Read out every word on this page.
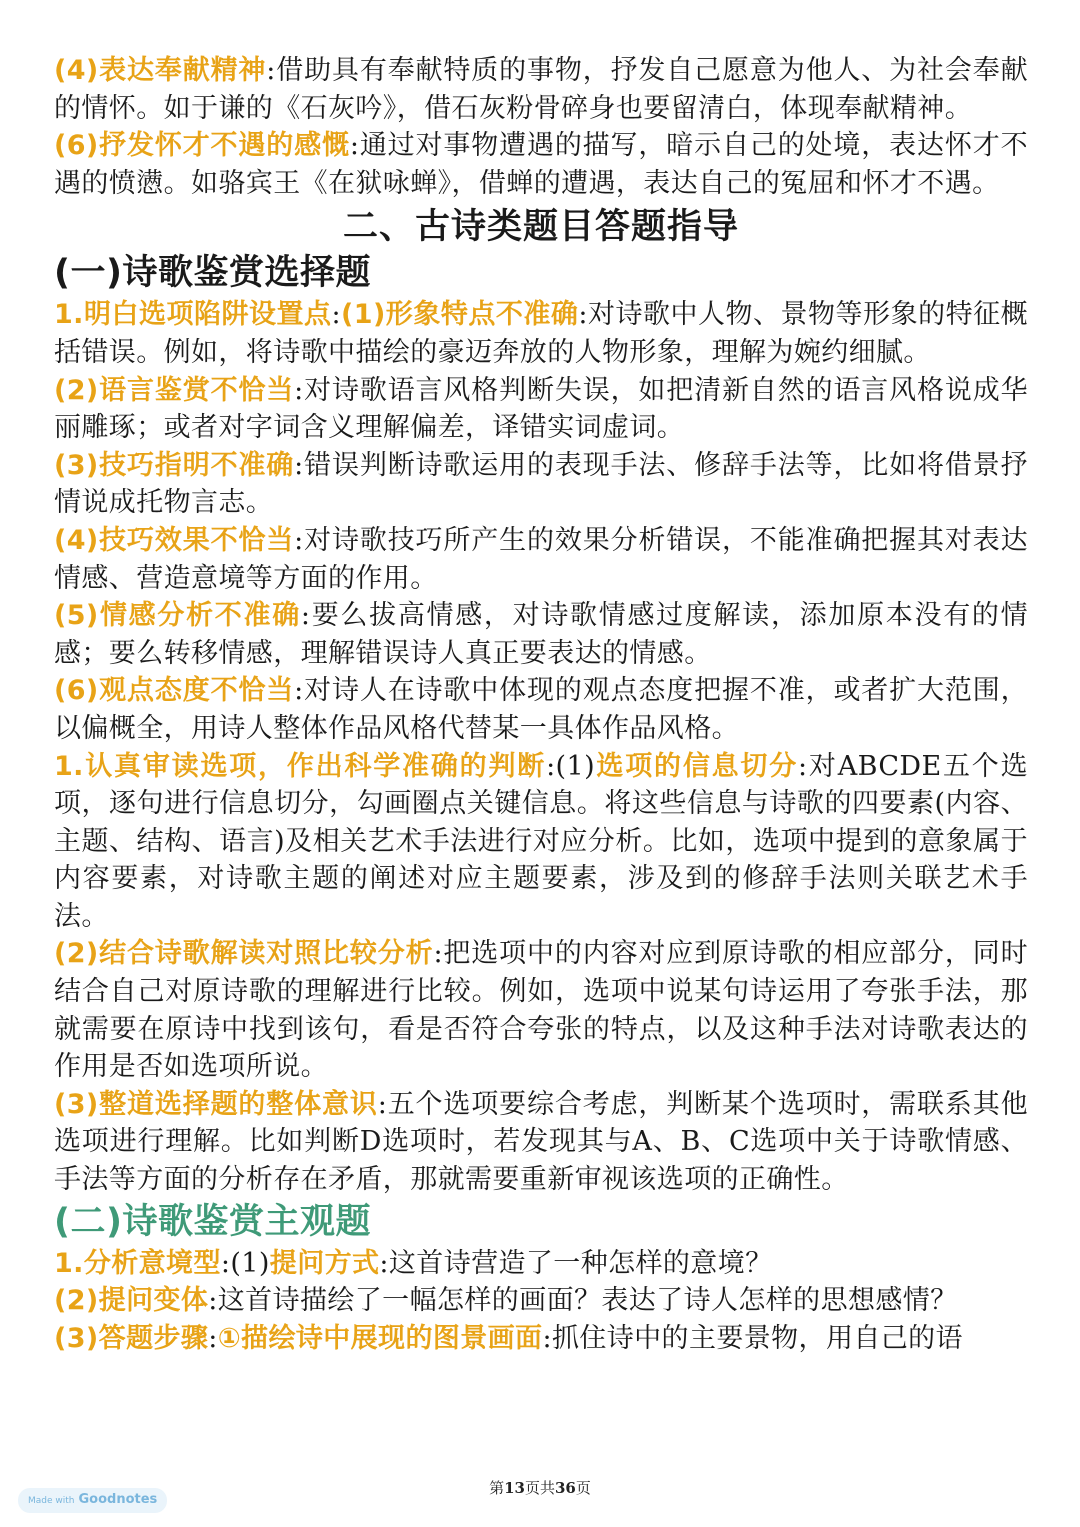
(4)表达奉献精神:借助具有奉献特质的事物，抒发自己愿意为他人、为社会奉献的情怀。如于谦的《石灰吟》，借石灰粉骨碎身也要留清白，体现奉献精神。
(6)抒发怀才不遇的感慨:通过对事物遭遇的描写，暗示自己的处境，表达怀才不遇的愤懑。如骆宾王《在狱咏蝉》，借蝉的遭遇，表达自己的冤屈和怀才不遇。
二、古诗类题目答题指导
(一)诗歌鉴赏选择题
1.明白选项陷阱设置点:(1)形象特点不准确:对诗歌中人物、景物等形象的特征概括错误。例如，将诗歌中描绘的豪迈奔放的人物形象，理解为婉约细腻。
(2)语言鉴赏不恰当:对诗歌语言风格判断失误，如把清新自然的语言风格说成华丽雕琢；或者对字词含义理解偏差，译错实词虚词。
(3)技巧指明不准确:错误判断诗歌运用的表现手法、修辞手法等，比如将借景抒情说成托物言志。
(4)技巧效果不恰当:对诗歌技巧所产生的效果分析错误，不能准确把握其对表达情感、营造意境等方面的作用。
(5)情感分析不准确:要么拔高情感，对诗歌情感过度解读，添加原本没有的情感；要么转移情感，理解错误诗人真正要表达的情感。
(6)观点态度不恰当:对诗人在诗歌中体现的观点态度把握不准，或者扩大范围，以偏概全，用诗人整体作品风格代替某一具体作品风格。
1.认真审读选项，作出科学准确的判断:(1)选项的信息切分:对ABCDE五个选项，逐句进行信息切分，勾画圈点关键信息。将这些信息与诗歌的四要素(内容、主题、结构、语言)及相关艺术手法进行对应分析。比如，选项中提到的意象属于内容要素，对诗歌主题的阐述对应主题要素，涉及到的修辞手法则关联艺术手法。
(2)结合诗歌解读对照比较分析:把选项中的内容对应到原诗歌的相应部分，同时结合自己对原诗歌的理解进行比较。例如，选项中说某句诗运用了夸张手法，那就需要在原诗中找到该句，看是否符合夸张的特点，以及这种手法对诗歌表达的作用是否如选项所说。
(3)整道选择题的整体意识:五个选项要综合考虑，判断某个选项时，需联系其他选项进行理解。比如判断D选项时，若发现其与A、B、C选项中关于诗歌情感、手法等方面的分析存在矛盾，那就需要重新审视该选项的正确性。
(二)诗歌鉴赏主观题
1.分析意境型:(1)提问方式:这首诗营造了一种怎样的意境？
(2)提问变体:这首诗描绘了一幅怎样的画面？表达了诗人怎样的思想感情？
(3)答题步骤:①描绘诗中展现的图景画面:抓住诗中的主要景物，用自己的语
第13页共36页
Made with Goodnotes
